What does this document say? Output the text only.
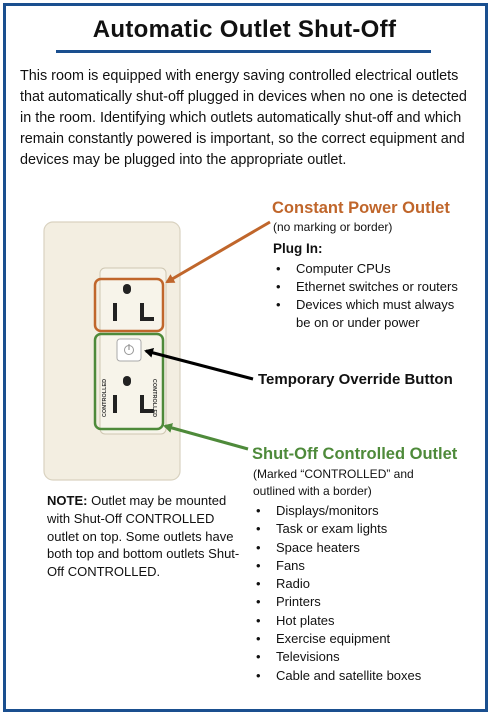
Automatic Outlet Shut-Off
This room is equipped with energy saving controlled electrical outlets that automatically shut-off plugged in devices when no one is detected in the room. Identifying which outlets automatically shut-off and which remain constantly powered is important, so the correct equipment and devices may be plugged into the appropriate outlet.
CONTROLLED	CONTROLLED
Constant Power Outlet
(no marking or border)
Plug In:
• Computer CPUs
• Ethernet switches or routers
• Devices which must always be on or under power
Temporary Override Button
Shut-Off Controlled Outlet
(Marked “CONTROLLED” and outlined with a border)
• Displays/monitors
• Task or exam lights
• Space heaters
• Fans
• Radio
• Printers
• Hot plates
• Exercise equipment
• Televisions
• Cable and satellite boxes
NOTE: Outlet may be mounted with Shut-Off CONTROLLED outlet on top. Some outlets have both top and bottom outlets Shut-Off CONTROLLED.
